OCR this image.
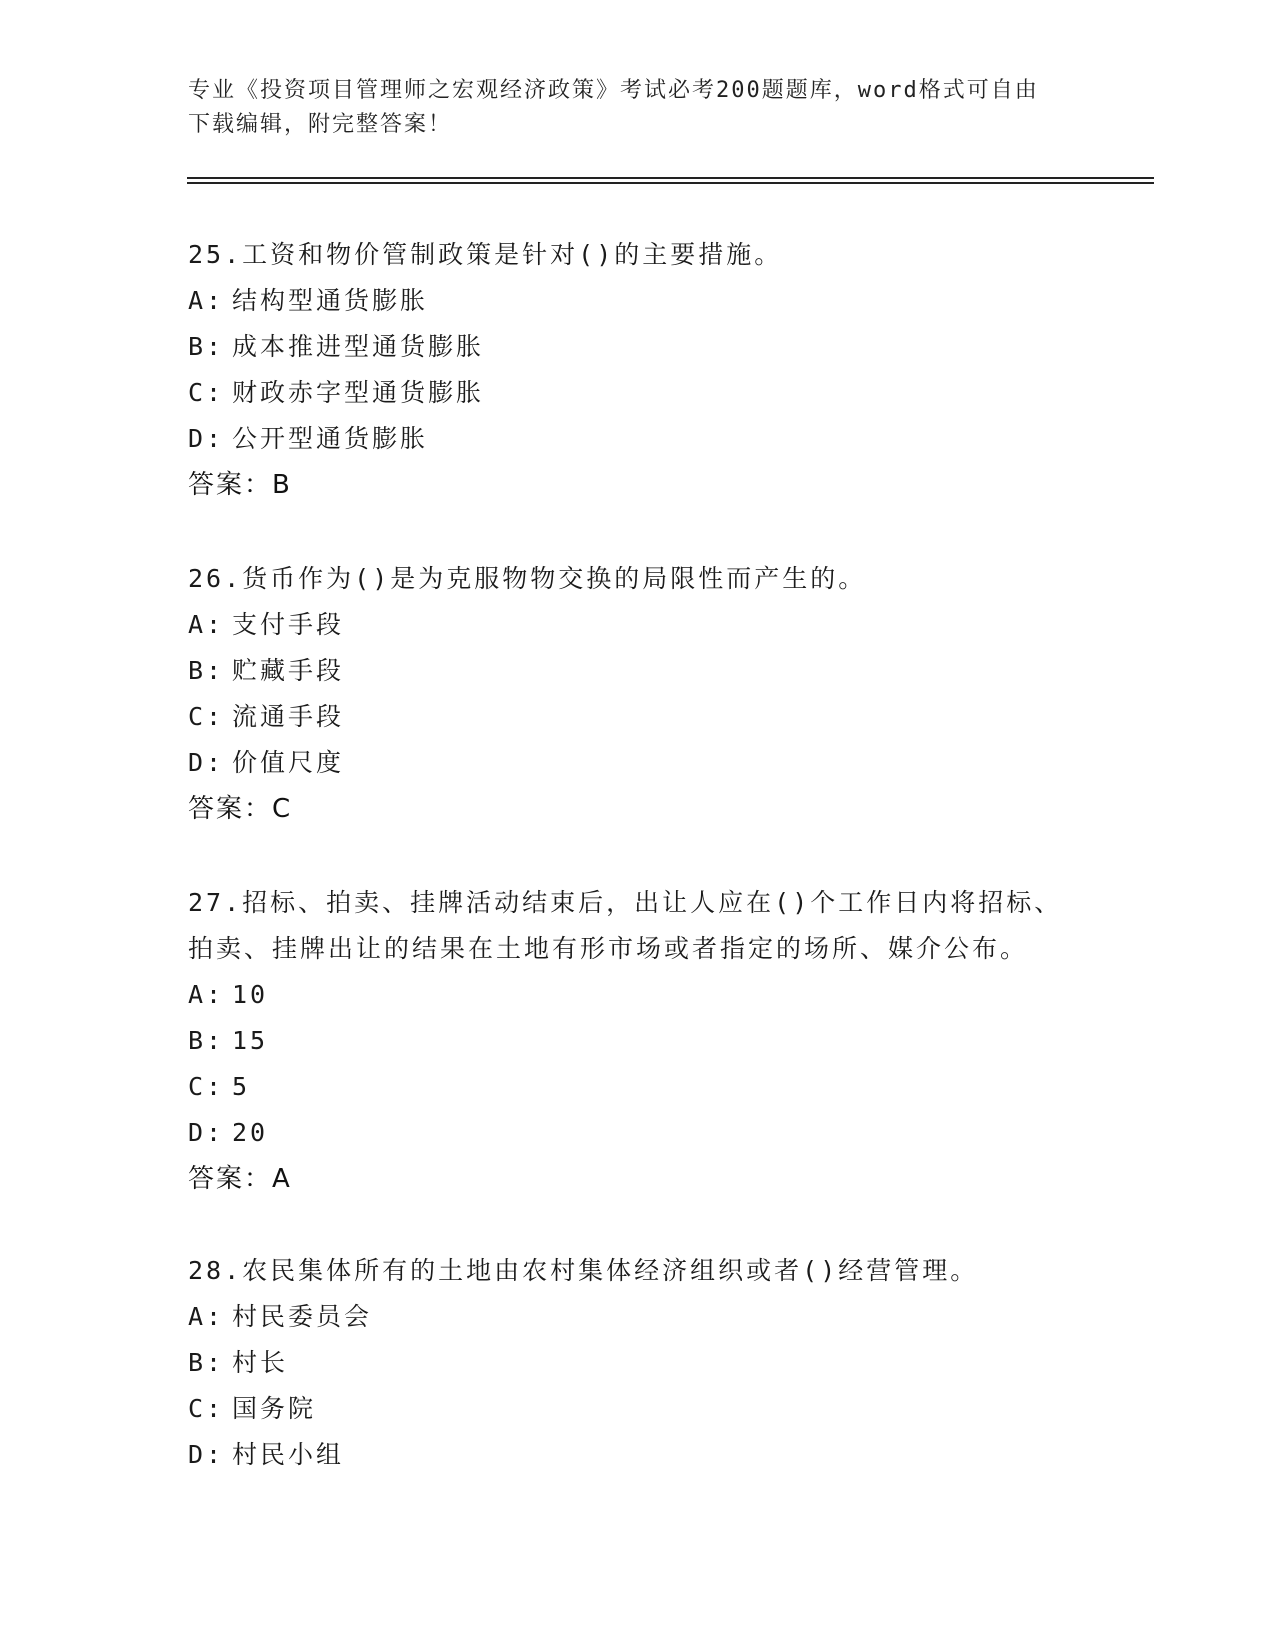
专业《投资项目管理师之宏观经济政策》考试必考200题题库，word格式可自由
下载编辑，附完整答案！

25.工资和物价管制政策是针对()的主要措施。

A: 结构型通货膨胀

B: 成本推进型通货膨胀

C: 财政赤字型通货膨胀

D: 公开型通货膨胀

答案：B

26.货币作为()是为克服物物交换的局限性而产生的。

A: 支付手段

B: 贮藏手段

C: 流通手段

D: 价值尺度

答案：C

27.招标、拍卖、挂牌活动结束后，出让人应在()个工作日内将招标、

拍卖、挂牌出让的结果在土地有形市场或者指定的场所、媒介公布。

A: 10

B: 15

C: 5

D: 20

答案：A

28.农民集体所有的土地由农村集体经济组织或者()经营管理。

A: 村民委员会

B: 村长

C: 国务院

D: 村民小组
